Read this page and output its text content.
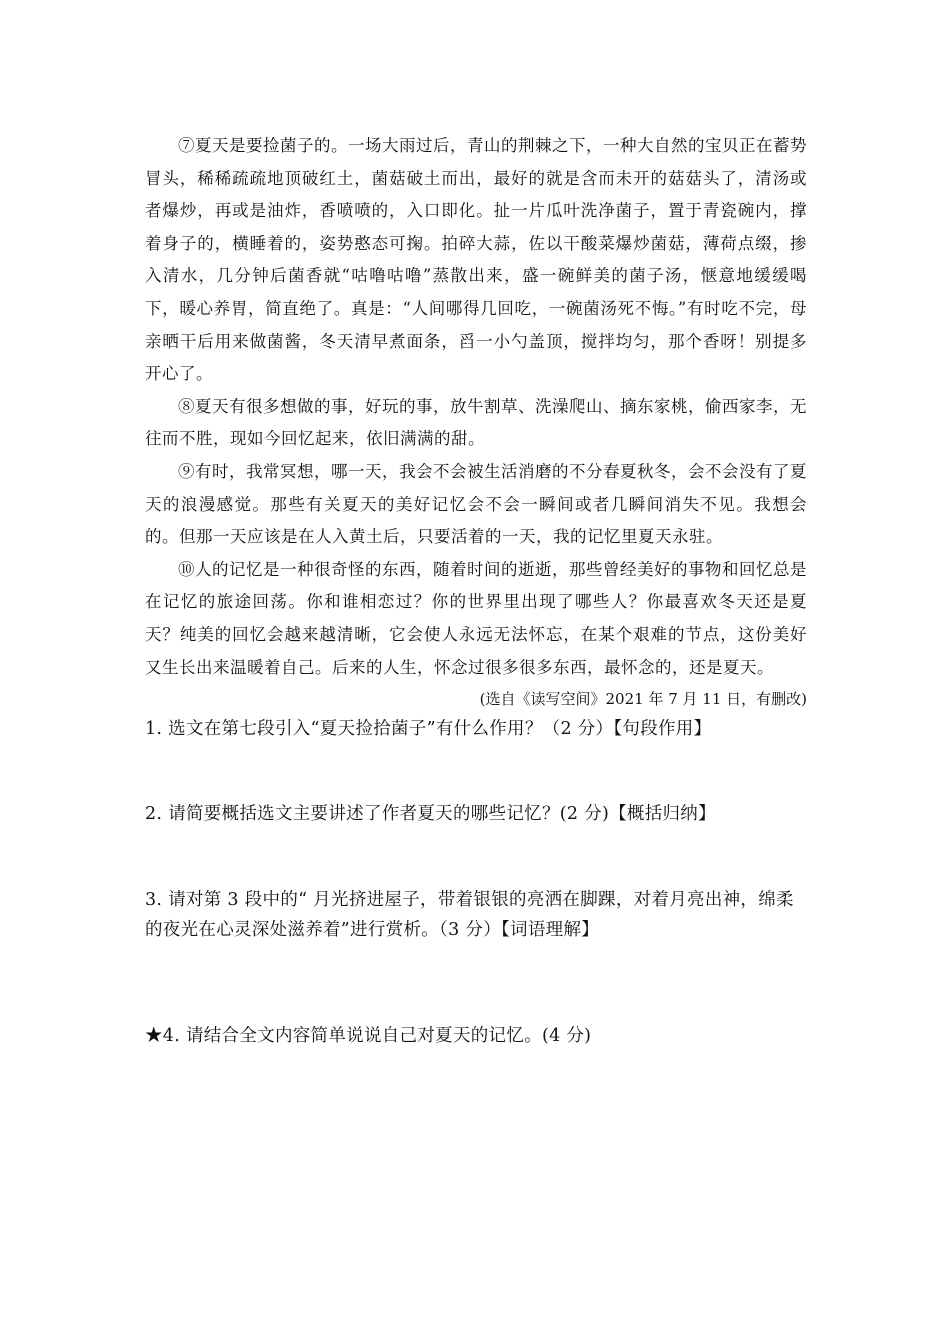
⑦夏天是要捡菌子的。一场大雨过后，青山的荆棘之下，一种大自然的宝贝正在蓄势冒头，稀稀疏疏地顶破红土，菌菇破土而出，最好的就是含而未开的菇菇头了，清汤或者爆炒，再或是油炸，香喷喷的，入口即化。扯一片瓜叶洗净菌子，置于青瓷碗内，撑着身子的，横睡着的，姿势憨态可掬。拍碎大蒜，佐以干酸菜爆炒菌菇，薄荷点缀，掺入清水，几分钟后菌香就“咕噜咕噜”蒸散出来，盛一碗鲜美的菌子汤，惬意地缓缓喝下，暖心养胃，简直绝了。真是：“人间哪得几回吃，一碗菌汤死不悔。”有时吃不完，母亲晒干后用来做菌酱，冬天清早煮面条，舀一小勺盖顶，搅拌均匀，那个香呀！别提多开心了。

⑧夏天有很多想做的事，好玩的事，放牛割草、洗澡爬山、摘东家桃，偷西家李，无往而不胜，现如今回忆起来，依旧满满的甜。

⑨有时，我常冥想，哪一天，我会不会被生活消磨的不分春夏秋冬，会不会没有了夏天的浪漫感觉。那些有关夏天的美好记忆会不会一瞬间或者几瞬间消失不见。我想会的。但那一天应该是在人入黄土后，只要活着的一天，我的记忆里夏天永驻。

⑩人的记忆是一种很奇怪的东西，随着时间的逝逝，那些曾经美好的事物和回忆总是在记忆的旅途回荡。你和谁相恋过？你的世界里出现了哪些人？你最喜欢冬天还是夏天？纯美的回忆会越来越清晰，它会使人永远无法怀忘，在某个艰难的节点，这份美好又生长出来温暖着自己。后来的人生，怀念过很多很多东西，最怀念的，还是夏天。

(选自《读写空间》2021 年 7 月 11 日，有删改)

1. 选文在第七段引入“夏天捡拾菌子”有什么作用？（2 分）【句段作用】

2. 请简要概括选文主要讲述了作者夏天的哪些记忆？(2 分)【概括归纳】

3. 请对第 3 段中的“ 月光挤进屋子，带着银银的亮洒在脚踝，对着月亮出神，绵柔的夜光在心灵深处滋养着”进行赏析。（3 分）【词语理解】

★4. 请结合全文内容简单说说自己对夏天的记忆。(4 分)
